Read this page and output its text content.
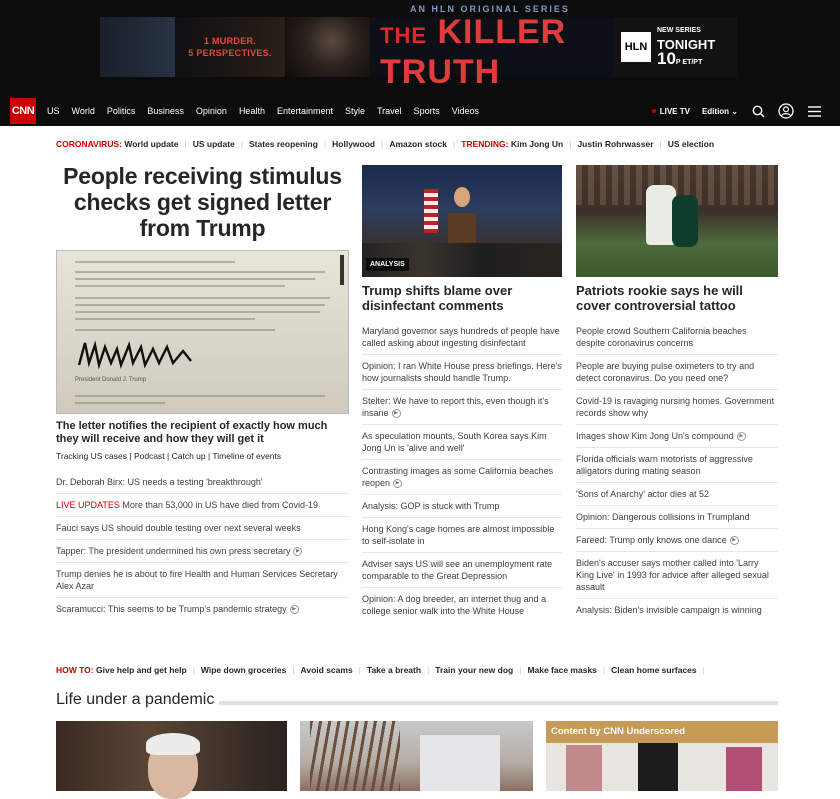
1 MURDER.
5 PERSPECTIVES.
AN HLN ORIGINAL SERIES
THE KILLER TRUTH
HLN
NEW SERIES
TONIGHT
10P ET/PT
CNN US World Politics Business Opinion Health Entertainment Style Travel Sports Videos	LIVE TV Edition ⌄
CORONAVIRUS:
World update | US update | States reopening | Hollywood | Amazon stock | TRENDING:
Kim Jong Un | Justin Rohrwasser | US election
People receiving stimulus checks get signed letter from Trump
President Donald J. Trump
The letter notifies the recipient of exactly how much they will receive and how they will get it
Tracking US cases | Podcast | Catch up | Timeline of events
Dr. Deborah Birx: US needs a testing 'breakthrough'
LIVE UPDATES More than 53,000 in US have died from Covid-19
Fauci says US should double testing over next several weeks
Tapper: The president undermined his own press secretary ▶
Trump denies he is about to fire Health and Human Services Secretary Alex Azar
Scaramucci: This seems to be Trump's pandemic strategy ▶
ANALYSIS
Trump shifts blame over disinfectant comments
Maryland governor says hundreds of people have called asking about ingesting disinfectant
Opinion: I ran White House press briefings. Here's how journalists should handle Trump.
Stelter: We have to report this, even though it's insane ▶
As speculation mounts, South Korea says Kim Jong Un is 'alive and well'
Contrasting images as some California beaches reopen ▶
Analysis: GOP is stuck with Trump
Hong Kong's cage homes are almost impossible to self-isolate in
Adviser says US will see an unemployment rate comparable to the Great Depression
Opinion: A dog breeder, an internet thug and a college senior walk into the White House
Patriots rookie says he will cover controversial tattoo
People crowd Southern California beaches despite coronavirus concerns
People are buying pulse oximeters to try and detect coronavirus. Do you need one?
Covid-19 is ravaging nursing homes. Government records show why
Images show Kim Jong Un's compound ▶
Florida officials warn motorists of aggressive alligators during mating season
'Sons of Anarchy' actor dies at 52
Opinion: Dangerous collisions in Trumpland
Fareed: Trump only knows one dance ▶
Biden's accuser says mother called into 'Larry King Live' in 1993 for advice after alleged sexual assault
Analysis: Biden's invisible campaign is winning
HOW TO:
Give help and get help | Wipe down groceries | Avoid scams | Take a breath | Train your new dog | Make face masks | Clean home surfaces |
Life under a pandemic
Content by CNN Underscored
